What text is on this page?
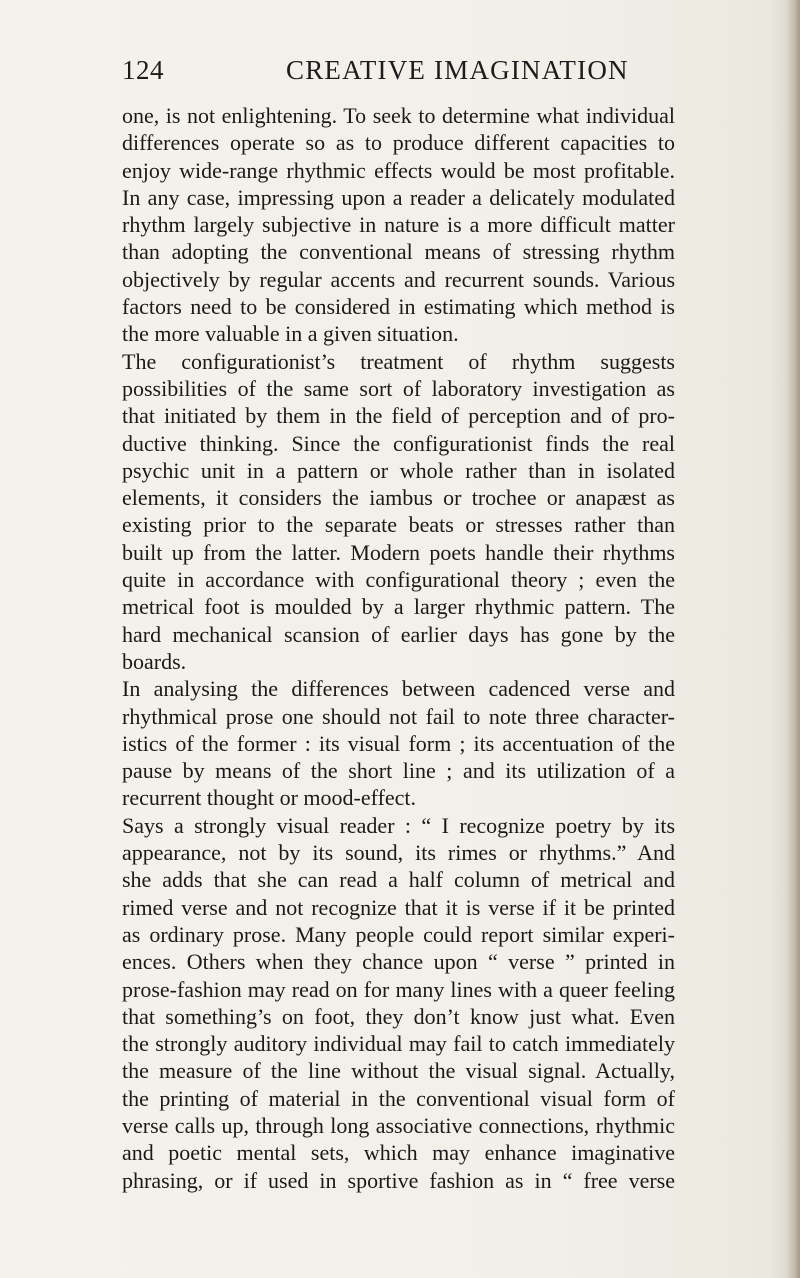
124	CREATIVE IMAGINATION

one, is not enlightening. To seek to determine what individual

differences operate so as to produce different capacities to

enjoy wide-range rhythmic effects would be most profitable.

In any case, impressing upon a reader a delicately modulated

rhythm largely subjective in nature is a more difficult matter

than adopting the conventional means of stressing rhythm

objectively by regular accents and recurrent sounds. Various

factors need to be considered in estimating which method is

the more valuable in a given situation.

The configurationist’s treatment of rhythm suggests

possibilities of the same sort of laboratory investigation as

that initiated by them in the field of perception and of pro-

ductive thinking. Since the configurationist finds the real

psychic unit in a pattern or whole rather than in isolated

elements, it considers the iambus or trochee or anapæst as

existing prior to the separate beats or stresses rather than

built up from the latter. Modern poets handle their rhythms

quite in accordance with configurational theory ; even the

metrical foot is moulded by a larger rhythmic pattern. The

hard mechanical scansion of earlier days has gone by the

boards.

In analysing the differences between cadenced verse and

rhythmical prose one should not fail to note three character-

istics of the former : its visual form ; its accentuation of the

pause by means of the short line ; and its utilization of a

recurrent thought or mood-effect.

Says a strongly visual reader : “ I recognize poetry by its

appearance, not by its sound, its rimes or rhythms.” And

she adds that she can read a half column of metrical and

rimed verse and not recognize that it is verse if it be printed

as ordinary prose. Many people could report similar experi-

ences. Others when they chance upon “ verse ” printed in

prose-fashion may read on for many lines with a queer feeling

that something’s on foot, they don’t know just what. Even

the strongly auditory individual may fail to catch immediately

the measure of the line without the visual signal. Actually,

the printing of material in the conventional visual form of

verse calls up, through long associative connections, rhythmic

and poetic mental sets, which may enhance imaginative

phrasing, or if used in sportive fashion as in “ free verse
